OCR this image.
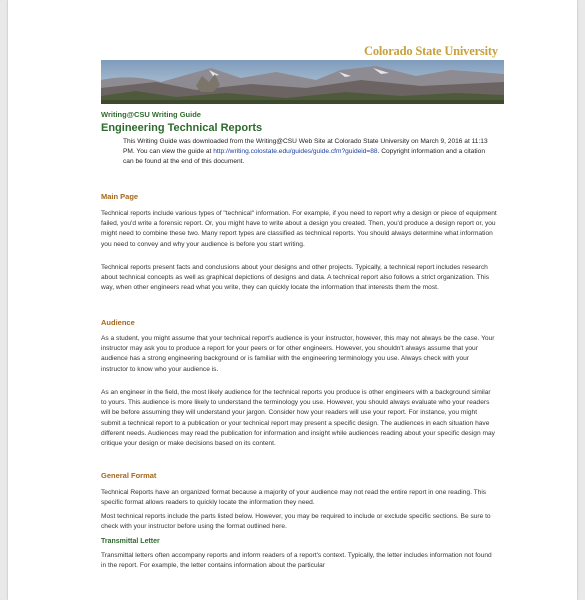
Colorado State University
Writing@CSU Writing Guide
Engineering Technical Reports
This Writing Guide was downloaded from the Writing@CSU Web Site at Colorado State University on March 9, 2016 at 11:13 PM. You can view the guide at http://writing.colostate.edu/guides/guide.cfm?guideid=88. Copyright information and a citation can be found at the end of this document.
Main Page

Technical reports include various types of "technical" information. For example, if you need to report why a design or piece of equipment failed, you'd write a forensic report. Or, you might have to write about a design you created. Then, you'd produce a design report or, you might need to combine these two. Many report types are classified as technical reports. You should always determine what information you need to convey and why your audience is before you start writing.

Technical reports present facts and conclusions about your designs and other projects. Typically, a technical report includes research about technical concepts as well as graphical depictions of designs and data. A technical report also follows a strict organization. This way, when other engineers read what you write, they can quickly locate the information that interests them the most.

Audience

As a student, you might assume that your technical report's audience is your instructor, however, this may not always be the case. Your instructor may ask you to produce a report for your peers or for other engineers. However, you shouldn't always assume that your audience has a strong engineering background or is familiar with the engineering terminology you use. Always check with your instructor to know who your audience is.

As an engineer in the field, the most likely audience for the technical reports you produce is other engineers with a background similar to yours. This audience is more likely to understand the terminology you use. However, you should always evaluate who your readers will be before assuming they will understand your jargon. Consider how your readers will use your report. For instance, you might submit a technical report to a publication or your technical report may present a specific design. The audiences in each situation have different needs. Audiences may read the publication for information and insight while audiences reading about your specific design may critique your design or make decisions based on its content.

General Format

Technical Reports have an organized format because a majority of your audience may not read the entire report in one reading. This specific format allows readers to quickly locate the information they need.

Most technical reports include the parts listed below. However, you may be required to include or exclude specific sections. Be sure to check with your instructor before using the format outlined here.

Transmittal Letter

Transmittal letters often accompany reports and inform readers of a report's context. Typically, the letter includes information not found in the report. For example, the letter contains information about the particular
